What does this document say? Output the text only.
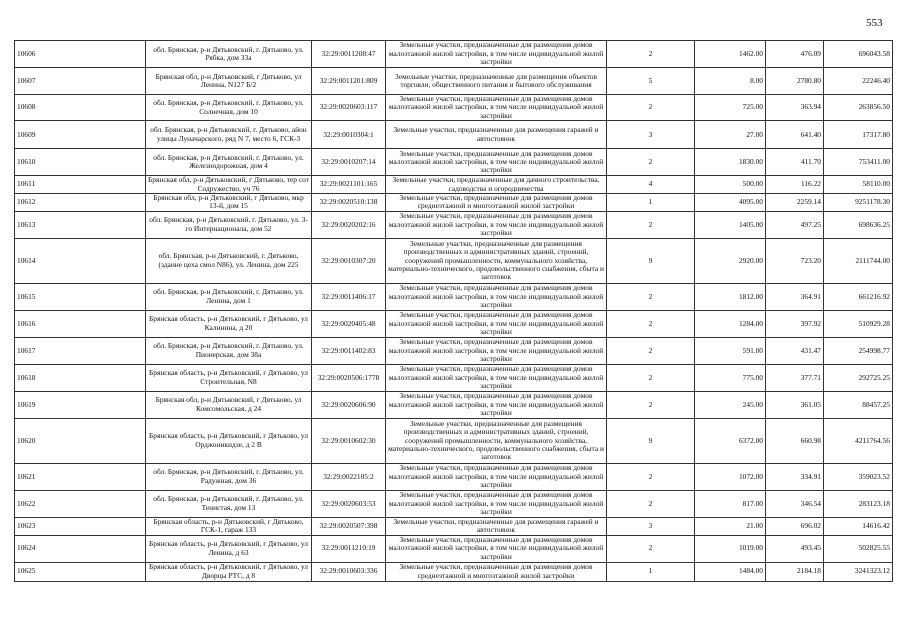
553
10606	обл. Брянская, р-н Дятьковский, г. Дятьково, ул. Рябка, дом 33а	32:29:0011208:47	Земельные участки, предназначенные для размещения домов малоэтажной жилой застройки, в том числе индивидуальной жилой застройки	2	1462.00	476.09	696043.58
10607	Брянская обл, р-н Дятьковский, г Дятьково, ул Ленина, N127 Б/2	32:29:0011201:809	Земельные участки, предназначенные для размещения объектов торговли, общественного питания и бытового обслуживания	5	8.00	2780.80	22246.40
10608	обл. Брянская, р-н Дятьковский, г. Дятьково, ул. Солнечная, дом 10	32:29:0020603:117	Земельные участки, предназначенные для размещения домов малоэтажной жилой застройки, в том числе индивидуальной жилой застройки	2	725.00	363.94	263856.50
10609	обл. Брянская, р-н Дятьковский, г. Дятьково, айон улицы Луначарского, ряд N 7, место 6, ГСК-3	32:29:0010304:1	Земельные участки, предназначенные для размещения гаражей и автостоянок	3	27.00	641.40	17317.80
10610	обл. Брянская, р-н Дятьковский, г. Дятьково, ул. Железнодорожная, дом 4	32:29:0010207:14	Земельные участки, предназначенные для размещения домов малоэтажной жилой застройки, в том числе индивидуальной жилой застройки	2	1830.00	411.70	753411.00
10611	Брянская обл, р-н Дятьковский, г Дятьково, тер сот Содружество, уч 76	32:29:0021101:165	Земельные участки, предназначенные для дачного строительства, садоводства и огородничества	4	500.00	116.22	58110.00
10612	Брянская обл, р-н Дятьковский, г Дятьково, мкр 13-й, дом 15	32:29:0020510:138	Земельные участки, предназначенные для размещения домов среднеэтажной и многоэтажной жилой застройки	1	4095.00	2259.14	9251178.30
10613	обл. Брянская, р-н Дятьковский, г. Дятьково, ул. 3-го Интернационала, дом 52	32:29:0020202:16	Земельные участки, предназначенные для размещения домов малоэтажной жилой застройки, в том числе индивидуальной жилой застройки	2	1405.00	497.25	698636.25
10614	обл. Брянская, р-н Дятьковский, г. Дятьково, (здание цеха смол N86), ул. Ленина, дом 225	32:29:0010307:20	Земельные участки, предназначенные для размещения производственных и административных зданий, строений, сооружений промышленности, коммунального хозяйства, материально-технического, продовольственного снабжения, сбыта и заготовок	9	2920.00	723.20	2111744.00
10615	обл. Брянская, р-н Дятьковский, г. Дятьково, ул. Ленина, дом 1	32:29:0011406:17	Земельные участки, предназначенные для размещения домов малоэтажной жилой застройки, в том числе индивидуальной жилой застройки	2	1812.00	364.91	661216.92
10616	Брянская область, р-н Дятьковский, г Дятьково, ул Калинина, д 20	32:29:0020405:48	Земельные участки, предназначенные для размещения домов малоэтажной жилой застройки, в том числе индивидуальной жилой застройки	2	1284.00	397.92	510929.28
10617	обл. Брянская, р-н Дятьковский, г. Дятьково, ул. Пионерская, дом 38а	32:29:0011402:83	Земельные участки, предназначенные для размещения домов малоэтажной жилой застройки, в том числе индивидуальной жилой застройки	2	591.00	431.47	254998.77
10618	Брянская область, р-н Дятьковский, г Дятьково, ул Строительная, N8	32:29:0020506:1778	Земельные участки, предназначенные для размещения домов малоэтажной жилой застройки, в том числе индивидуальной жилой застройки	2	775.00	377.71	292725.25
10619	Брянская обл, р-н Дятьковский, г Дятьково, ул Комсомольская, д 24	32:29:0020606:90	Земельные участки, предназначенные для размещения домов малоэтажной жилой застройки, в том числе индивидуальной жилой застройки	2	245.00	361.05	88457.25
10620	Брянская область, р-н Дятьковский, г Дятьково, ул Орджоникидзе, д 2 В	32:29:0010602:30	Земельные участки, предназначенные для размещения производственных и административных зданий, строений, сооружений промышленности, коммунального хозяйства, материально-технического, продовольственного снабжения, сбыта и заготовок	9	6372.00	660.98	4211764.56
10621	обл. Брянская, р-н Дятьковский, г. Дятьково, ул. Радужная, дом 36	32:29:0022105:2	Земельные участки, предназначенные для размещения домов малоэтажной жилой застройки, в том числе индивидуальной жилой застройки	2	1072.00	334.91	359023.52
10622	обл. Брянская, р-н Дятьковский, г. Дятьково, ул. Тенистая, дом 13	32:29:0020603:53	Земельные участки, предназначенные для размещения домов малоэтажной жилой застройки, в том числе индивидуальной жилой застройки	2	817.00	346.54	283123.18
10623	Брянская область, р-н Дятьковский, г Дятьково, ГСК-1, гараж 133	32:29:0020507:398	Земельные участки, предназначенные для размещения гаражей и автостоянок	3	21.00	696.02	14616.42
10624	Брянская область, р-н Дятьковский, г Дятьково, ул Ленина, д 63	32:29:0011210:19	Земельные участки, предназначенные для размещения домов малоэтажной жилой застройки, в том числе индивидуальной жилой застройки	2	1019.00	493.45	502825.55
10625	Брянская область, р-н Дятьковский, г Дятьково, ул Дворцы РТС, д 8	32:29:0010603:336	Земельные участки, предназначенные для размещения домов среднеэтажной и многоэтажной жилой застройки	1	1484.00	2184.18	3241323.12
